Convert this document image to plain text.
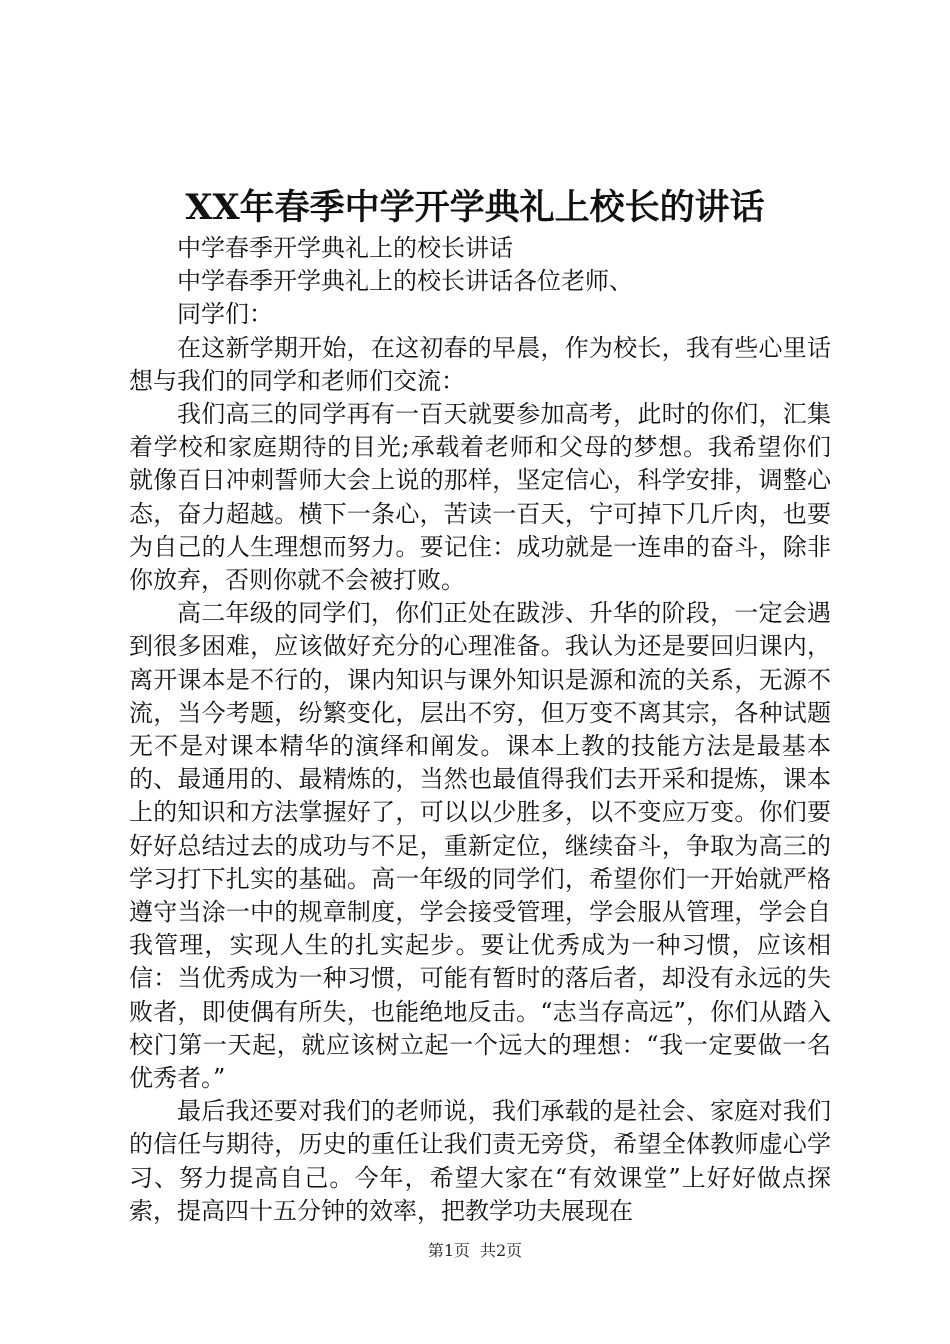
XX年春季中学开学典礼上校长的讲话

中学春季开学典礼上的校长讲话

中学春季开学典礼上的校长讲话各位老师、

同学们：

在这新学期开始，在这初春的早晨，作为校长，我有些心里话想与我们的同学和老师们交流：

我们高三的同学再有一百天就要参加高考，此时的你们，汇集着学校和家庭期待的目光;承载着老师和父母的梦想。我希望你们就像百日冲刺誓师大会上说的那样，坚定信心，科学安排，调整心态，奋力超越。横下一条心，苦读一百天，宁可掉下几斤肉，也要为自己的人生理想而努力。要记住：成功就是一连串的奋斗，除非你放弃，否则你就不会被打败。

高二年级的同学们，你们正处在跋涉、升华的阶段，一定会遇到很多困难，应该做好充分的心理准备。我认为还是要回归课内，离开课本是不行的，课内知识与课外知识是源和流的关系，无源不流，当今考题，纷繁变化，层出不穷，但万变不离其宗，各种试题无不是对课本精华的演绎和阐发。课本上教的技能方法是最基本的、最通用的、最精炼的，当然也最值得我们去开采和提炼，课本上的知识和方法掌握好了，可以以少胜多，以不变应万变。你们要好好总结过去的成功与不足，重新定位，继续奋斗，争取为高三的学习打下扎实的基础。高一年级的同学们，希望你们一开始就严格遵守当涂一中的规章制度，学会接受管理，学会服从管理，学会自我管理，实现人生的扎实起步。要让优秀成为一种习惯，应该相信：当优秀成为一种习惯，可能有暂时的落后者，却没有永远的失败者，即使偶有所失，也能绝地反击。“志当存高远”，你们从踏入校门第一天起，就应该树立起一个远大的理想：“我一定要做一名优秀者。”

最后我还要对我们的老师说，我们承载的是社会、家庭对我们的信任与期待，历史的重任让我们责无旁贷，希望全体教师虚心学习、努力提高自己。今年，希望大家在“有效课堂”上好好做点探索，提高四十五分钟的效率，把教学功夫展现在

第1页 共2页
